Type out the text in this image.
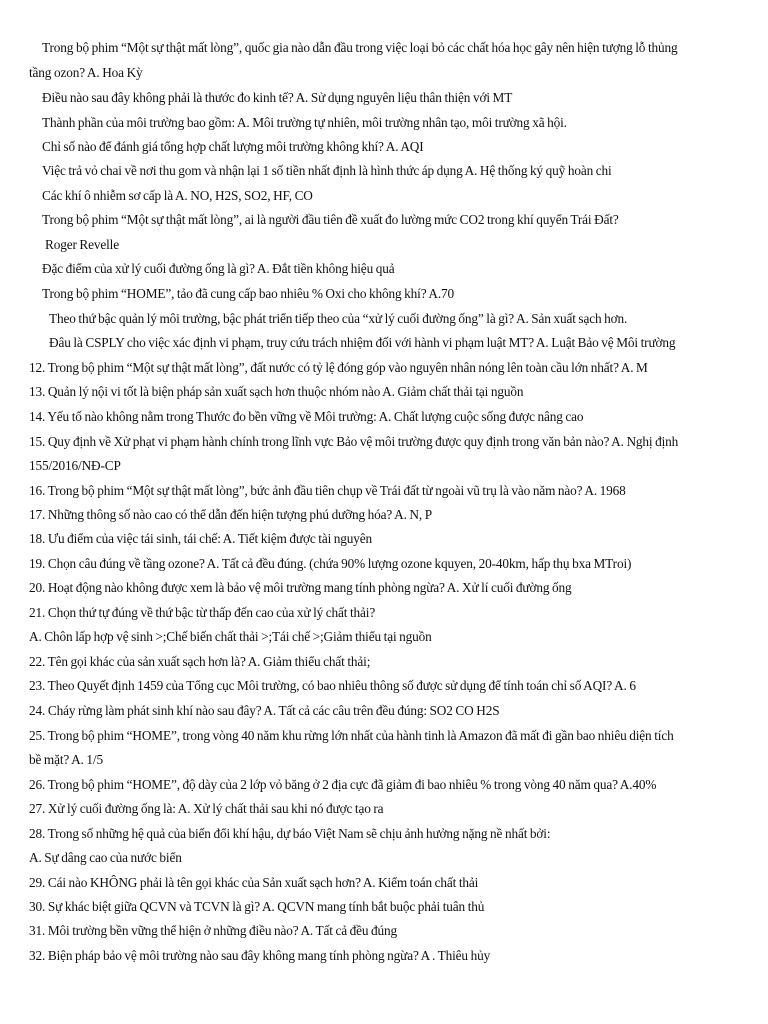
Trong bộ phim “Một sự thật mất lòng”, quốc gia nào dẫn đầu trong việc loại bỏ các chất hóa học gây nên hiện tượng lỗ thủng
tầng ozon? A. Hoa Kỳ
Điều nào sau đây không phải là thước đo kinh tế? A. Sử dụng nguyên liệu thân thiện với MT
Thành phần của môi trường bao gồm: A. Môi trường tự nhiên, môi trường nhân tạo, môi trường xã hội.
Chỉ số nào để đánh giá tổng hợp chất lượng môi trường không khí? A. AQI
Việc trả vỏ chai về nơi thu gom và nhận lại 1 số tiền nhất định là hình thức áp dụng A. Hệ thống ký quỹ hoàn chi
Các khí ô nhiễm sơ cấp là A. NO, H2S, SO2, HF, CO
Trong bộ phim “Một sự thật mất lòng”, ai là người đầu tiên đề xuất đo lường mức CO2 trong khí quyển Trái Đất?
Roger Revelle
Đặc điểm của xử lý cuối đường ống là gì? A. Đắt tiền không hiệu quả
Trong bộ phim “HOME”, tảo đã cung cấp bao nhiêu % Oxi cho không khí? A.70
Theo thứ bậc quản lý môi trường, bậc phát triển tiếp theo của “xử lý cuối đường ống” là gì? A. Sản xuất sạch hơn.
Đâu là CSPLY cho việc xác định vi phạm, truy cứu trách nhiệm đối với hành vi phạm luật MT? A. Luật Bảo vệ Môi trường
12. Trong bộ phim “Một sự thật mất lòng”, đất nước có tỷ lệ đóng góp vào nguyên nhân nóng lên toàn cầu lớn nhất? A. M
13. Quản lý nội vi tốt là biện pháp sản xuất sạch hơn thuộc nhóm nào A. Giảm chất thải tại nguồn
14. Yếu tố nào không nằm trong Thước đo bền vững về Môi trường: A. Chất lượng cuộc sống được nâng cao
15. Quy định về Xử phạt vi phạm hành chính trong lĩnh vực Bảo vệ môi trường được quy định trong văn bản nào? A. Nghị định
155/2016/NĐ-CP
16. Trong bộ phim “Một sự thật mất lòng”, bức ảnh đầu tiên chụp về Trái đất từ ngoài vũ trụ là vào năm nào? A. 1968
17. Những thông số nào cao có thể dẫn đến hiện tượng phú dưỡng hóa? A. N, P
18. Ưu điểm của việc tái sinh, tái chế: A. Tiết kiệm được tài nguyên
19. Chọn câu đúng về tầng ozone? A. Tất cả đều đúng. (chứa 90% lượng ozone kquyen, 20-40km, hấp thụ bxa MTroi)
20. Hoạt động nào không được xem là bảo vệ môi trường mang tính phòng ngừa? A. Xử lí cuối đường ống
21. Chọn thứ tự đúng về thứ bậc từ thấp đến cao của xử lý chất thải?
A. Chôn lấp hợp vệ sinh >;Chế biến chất thải >;Tái chế >;Giảm thiểu tại nguồn
22. Tên gọi khác của sản xuất sạch hơn là? A. Giảm thiểu chất thải;
23. Theo Quyết định 1459 của Tổng cục Môi trường, có bao nhiêu thông số được sử dụng để tính toán chỉ số AQI? A. 6
24. Cháy rừng làm phát sinh khí nào sau đây? A. Tất cả các câu trên đều đúng: SO2 CO H2S
25. Trong bộ phim “HOME”, trong vòng 40 năm khu rừng lớn nhất của hành tinh là Amazon đã mất đi gần bao nhiêu diện tích
bề mặt? A. 1/5
26. Trong bộ phim “HOME”, độ dày của 2 lớp vỏ băng ở 2 địa cực đã giảm đi bao nhiêu % trong vòng 40 năm qua? A.40%
27. Xử lý cuối đường ống là: A. Xử lý chất thải sau khi nó được tạo ra
28. Trong số những hệ quả của biến đổi khí hậu, dự báo Việt Nam sẽ chịu ảnh hưởng nặng nề nhất bởi:
A. Sự dâng cao của nước biển
29. Cái nào KHÔNG phải là tên gọi khác của Sản xuất sạch hơn? A. Kiểm toán chất thải
30. Sự khác biệt giữa QCVN và TCVN là gì? A. QCVN mang tính bắt buộc phải tuân thủ
31. Môi trường bền vững thể hiện ở những điều nào? A. Tất cả đều đúng
32. Biện pháp bảo vệ môi trường nào sau đây không mang tính phòng ngừa? A . Thiêu hủy
